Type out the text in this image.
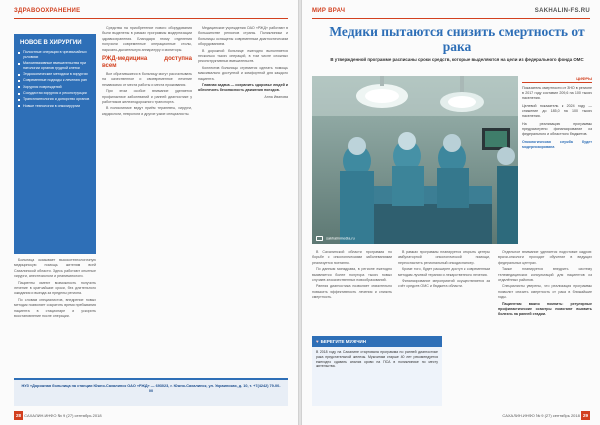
ЗДРАВООХРАНЕНИЕ
НОВОЕ В ХИРУРГИИ
Полостные операции в чрезвычайных условиях
Малоинвазивные вмешательства при патологии органов грудной клетки
Эндоскопические методики в хирургии
Современные подходы к лечению ран
Хирургия повреждений
Сосудистая хирургия и реконструкции
Трансплантология и донорство органов
Новые технологии в онкохирургии

Больница оказывает высокотехнологичную медицинскую помощь жителям всей Сахалинской области. Здесь работают опытные хирурги, анестезиологи и реаниматологи.

Пациенты имеют возможность получить лечение в кратчайшие сроки, без длительного ожидания и выезда за пределы региона.

По словам специалистов, внедрение новых методик позволяет сократить время пребывания пациента в стационаре и ускорить восстановление после операции.

Средства на приобретение нового оборудования были выделены в рамках программы модернизации здравоохранения. Благодаря этому отделения получили современные операционные столы, наркозно-дыхательную аппаратуру и мониторы.

РЖД-медицина доступна всем

Все обратившиеся в больницу могут рассчитывать на качественное и своевременное лечение независимо от места работы и места проживания.

При этом особое внимание уделяется профилактике заболеваний и ранней диагностике у работников железнодорожного транспорта.

В поликлинике ведут приём терапевты, хирурги, кардиологи, неврологи и другие узкие специалисты.

Медицинские учреждения ОАО «РЖД» работают в большинстве регионов страны. Поликлиники и больницы оснащены современным диагностическим оборудованием.

В дорожной больнице ежегодно выполняется несколько тысяч операций, в том числе сложных реконструктивных вмешательств.

Коллектив больницы стремится сделать помощь максимально доступной и комфортной для каждого пациента.

Главная задача — сохранить здоровье людей и обеспечить безопасность движения поездов.

Анна Иванова

НУЗ «Дорожная больница на станции Южно-Сахалинск ОАО «РЖД» — 693023, г. Южно-Сахалинск, ул. Украинская, д. 10, т. +7(4242) 79-00-00
28 САХАЛИН.ИНФО № 9 (27) сентябрь 2018
МИР ВРАЧ	SAKHALIN-FS.RU
Медики пытаются снизить смертность от рака
В утвержденной программе расписаны сроки средств, которые выделяются на цели из федерального фонда ОМС
sakhalinmedia.ru
ЦИФРЫ

Показатель смертности от ЗНО в регионе в 2017 году составил 209,6 на 100 тысяч населения.

Целевой показатель к 2024 году — снижение до 185,0 на 100 тысяч населения.

На реализацию программы предусмотрено финансирование из федерального и областного бюджетов.

Онкологическая служба будет модернизирована

В Сахалинской области программа по борьбе с онкологическими заболеваниями реализуется поэтапно.

По данным минздрава, в регионе ежегодно выявляется более полутора тысяч новых случаев злокачественных новообразований.

Ранняя диагностика позволяет значительно повысить эффективность лечения и снизить смертность.

В рамках программы планируется открыть центры амбулаторной онкологической помощи, переоснастить региональный онкодиспансер.

Кроме того, будет расширен доступ к современным методам лучевой терапии и лекарственного лечения.

Финансирование мероприятий осуществляется за счёт средств ОМС и бюджета области.

Отдельное внимание уделяется подготовке кадров: врачи-онкологи проходят обучение в ведущих федеральных центрах.

Также планируется внедрить систему телемедицинских консультаций для пациентов из отдалённых районов.

Специалисты уверены, что реализация программы позволит снизить смертность от рака в ближайшие годы.

Пациентам важно помнить: регулярные профилактические осмотры помогают выявить болезнь на ранней стадии.

♥ БЕРЕГИТЕ МУЖЧИН
В 2018 году на Сахалине стартовала программа по ранней диагностике рака предстательной железы. Мужчинам старше 40 лет рекомендуется ежегодно сдавать анализ крови на ПСА в поликлинике по месту жительства.
САХАЛИН.ИНФО № 9 (27) сентябрь 2018 29
